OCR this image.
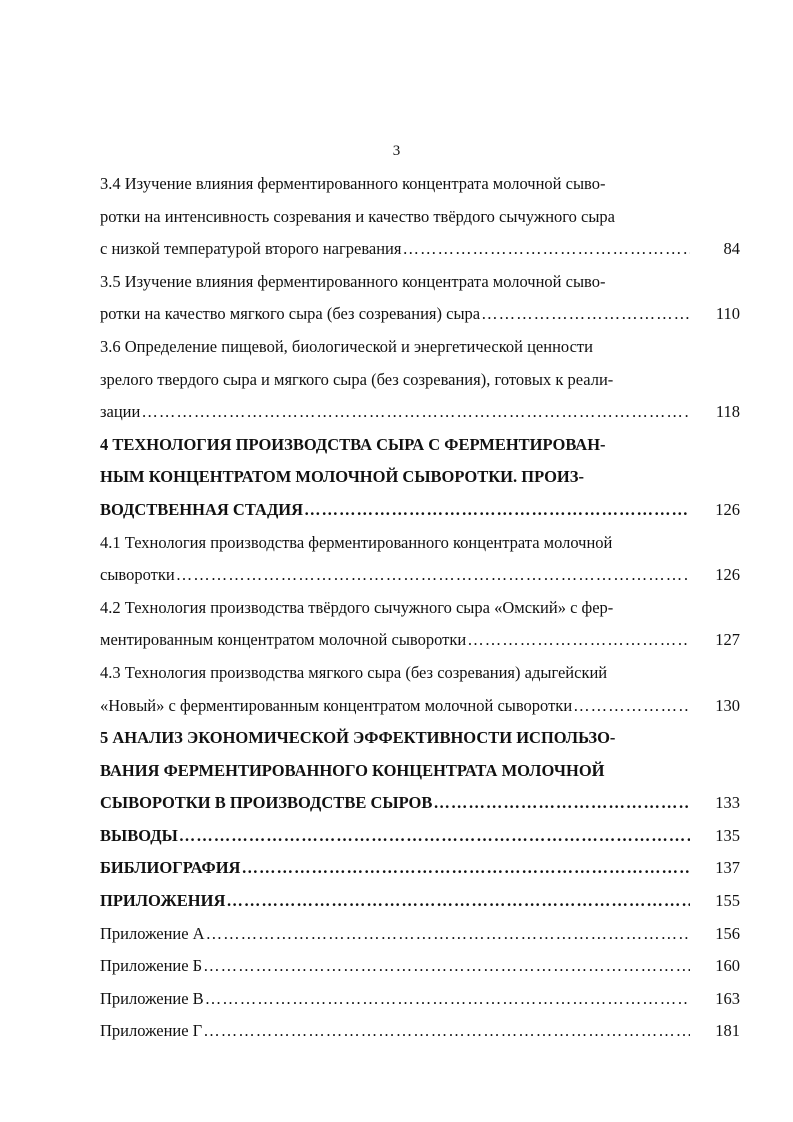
3
3.4 Изучение влияния ферментированного концентрата молочной сыво-
ротки на интенсивность созревания и качество твёрдого сычужного сыра
с низкой температурой второго нагревания ………………………………………………………………………………………………………………………………………………………………………………………………	84
3.5 Изучение влияния ферментированного концентрата молочной сыво-
ротки на качество мягкого сыра (без созревания) сыра ………………………………………………………………………………………………………………………………………………………………………………………………	110
3.6 Определение пищевой, биологической и энергетической ценности
зрелого твердого сыра и мягкого сыра (без созревания), готовых к реали-
зации ………………………………………………………………………………………………………………………………………………………………………………………………	118
4 ТЕХНОЛОГИЯ ПРОИЗВОДСТВА СЫРА С ФЕРМЕНТИРОВАН-
НЫМ КОНЦЕНТРАТОМ МОЛОЧНОЙ СЫВОРОТКИ. ПРОИЗ-
ВОДСТВЕННАЯ СТАДИЯ ………………………………………………………………………………………………………………………………………………………………………………………………	126
4.1 Технология производства ферментированного концентрата молочной
сыворотки ………………………………………………………………………………………………………………………………………………………………………………………………	126
4.2 Технология производства твёрдого сычужного сыра «Омский» с фер-
ментированным концентратом молочной сыворотки ………………………………………………………………………………………………………………………………………………………………………………………………	127
4.3 Технология производства мягкого сыра (без созревания) адыгейский
«Новый» с ферментированным концентратом молочной сыворотки ………………………………………………………………………………………………………………………………………………………………………………………………	130
5 АНАЛИЗ ЭКОНОМИЧЕСКОЙ ЭФФЕКТИВНОСТИ ИСПОЛЬЗО-
ВАНИЯ ФЕРМЕНТИРОВАННОГО КОНЦЕНТРАТА МОЛОЧНОЙ
СЫВОРОТКИ В ПРОИЗВОДСТВЕ СЫРОВ ………………………………………………………………………………………………………………………………………………………………………………………………	133
ВЫВОДЫ ………………………………………………………………………………………………………………………………………………………………………………………………	135
БИБЛИОГРАФИЯ ………………………………………………………………………………………………………………………………………………………………………………………………	137
ПРИЛОЖЕНИЯ ………………………………………………………………………………………………………………………………………………………………………………………………	155
Приложение А ………………………………………………………………………………………………………………………………………………………………………………………………	156
Приложение Б ………………………………………………………………………………………………………………………………………………………………………………………………	160
Приложение В ………………………………………………………………………………………………………………………………………………………………………………………………	163
Приложение Г ………………………………………………………………………………………………………………………………………………………………………………………………	181
